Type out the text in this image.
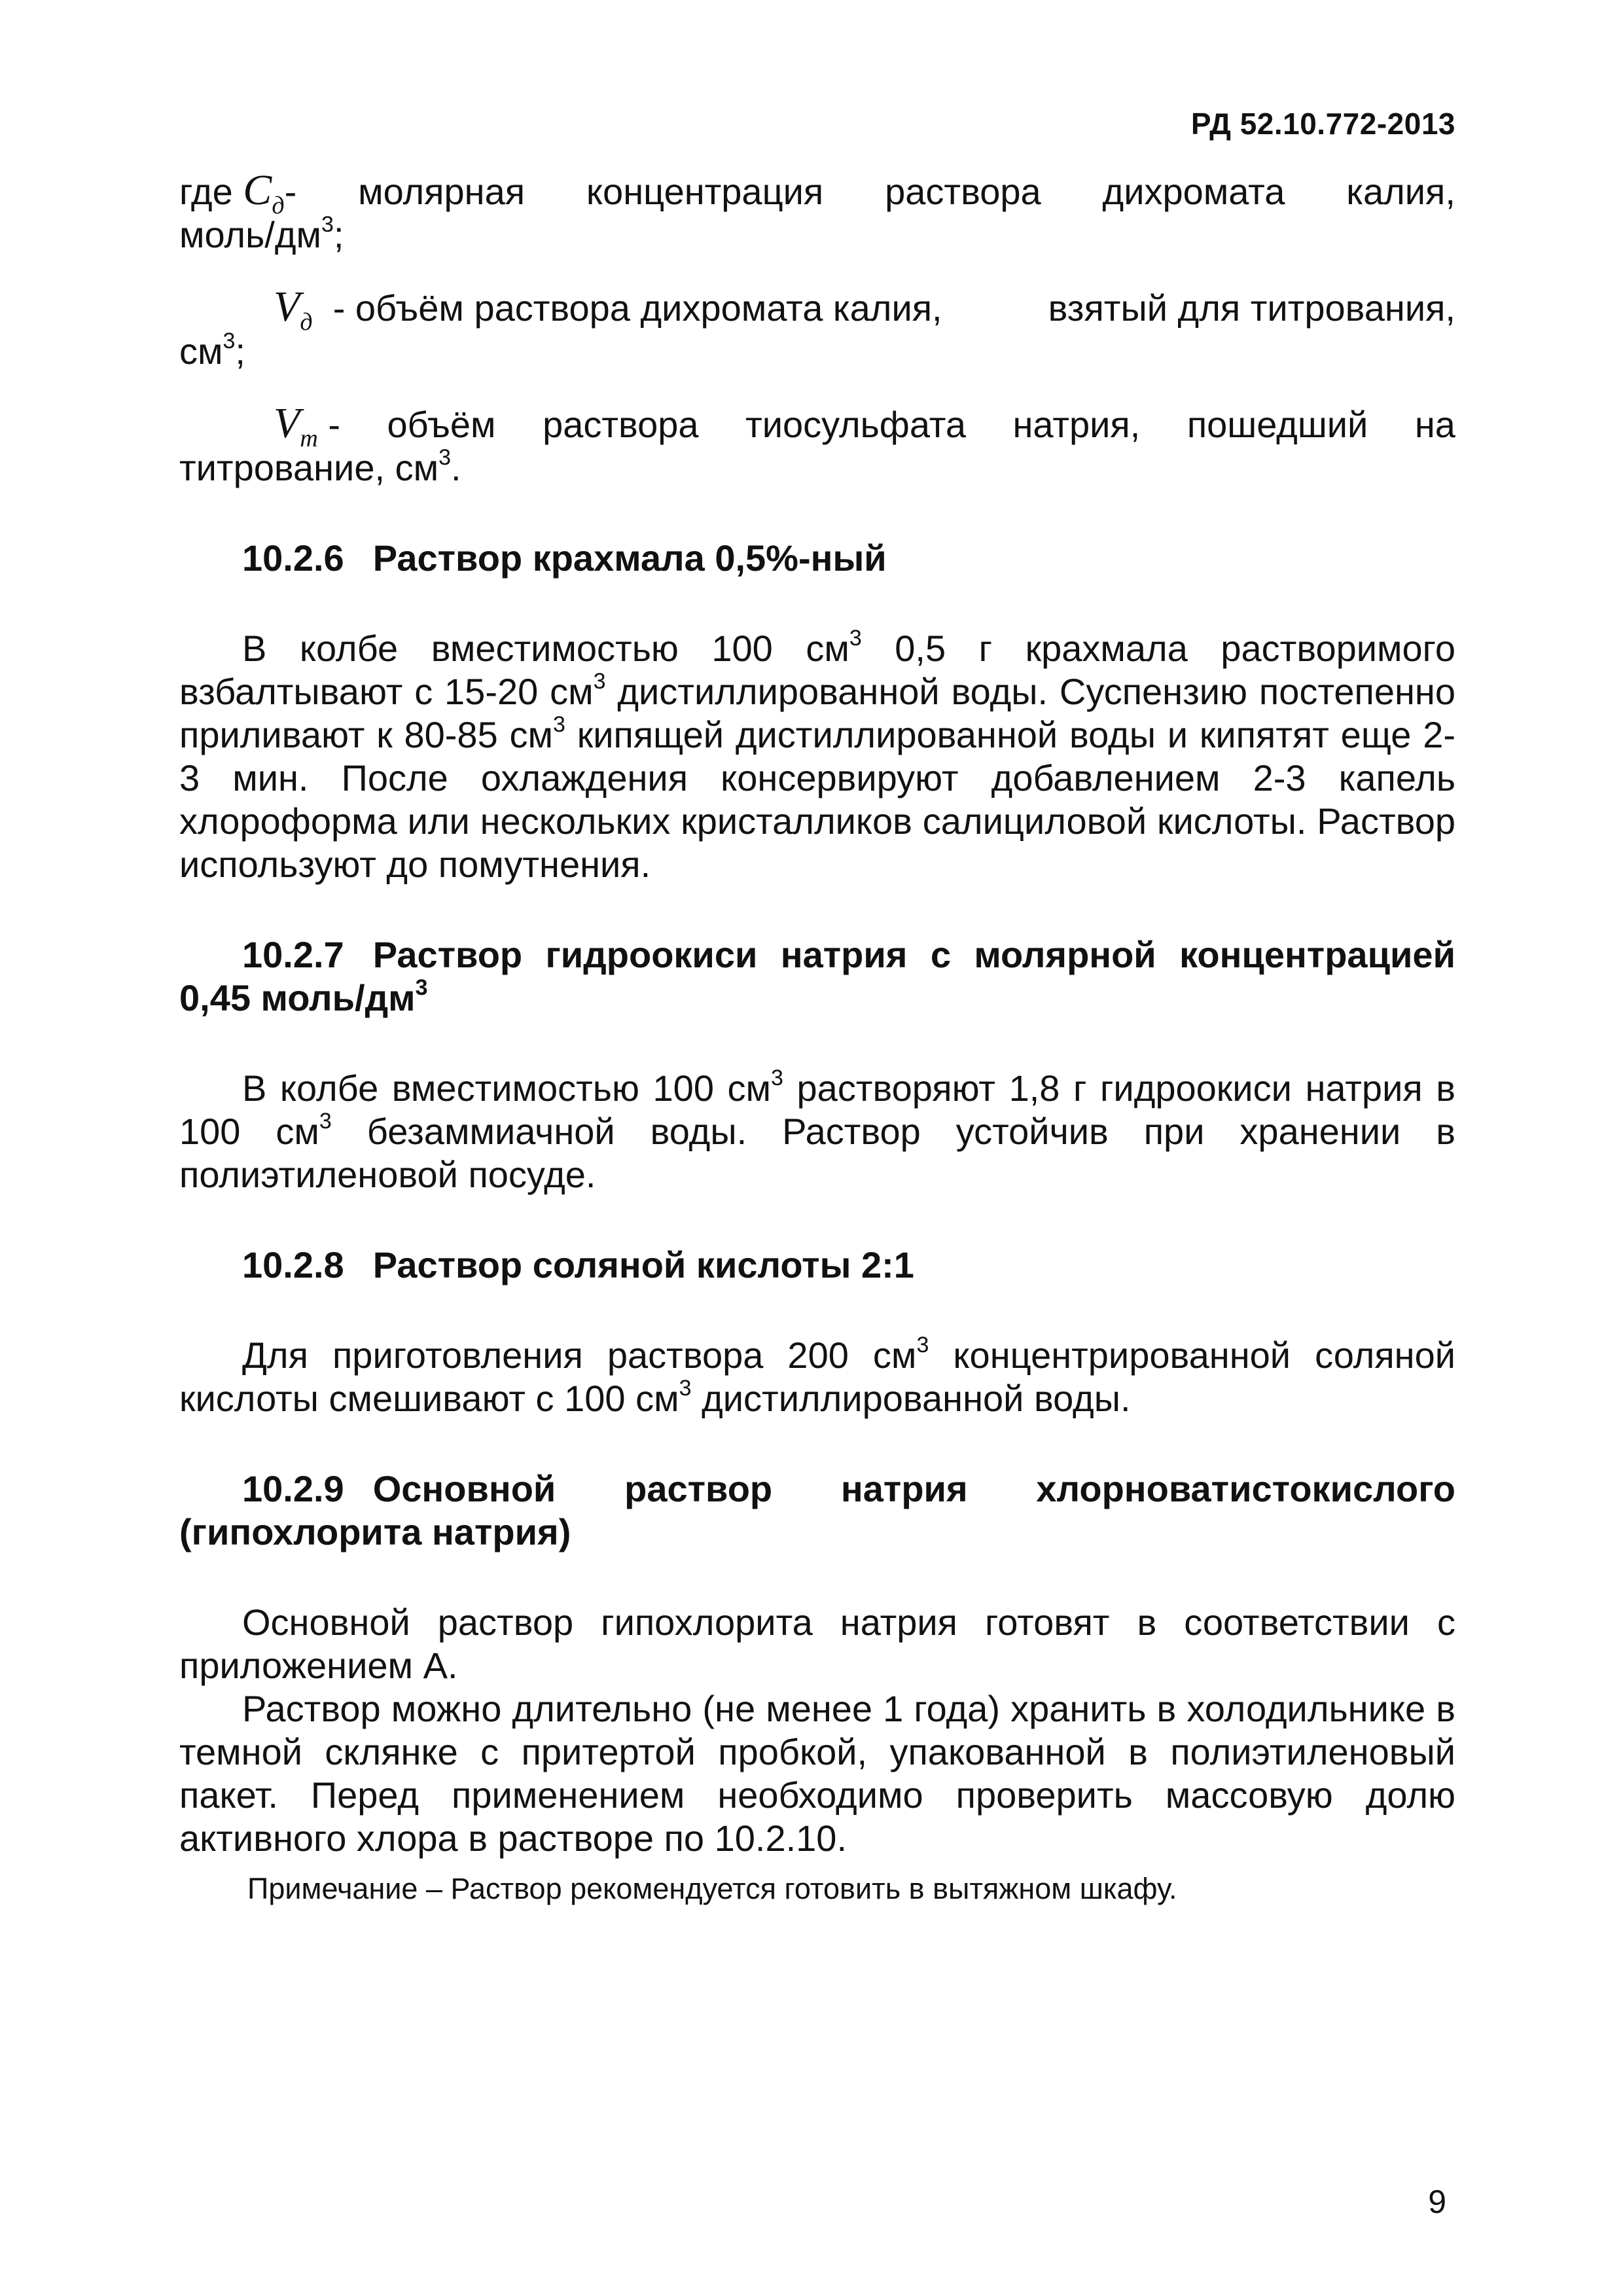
РД 52.10.772-2013
где $C_д-$ молярная концентрация раствора дихромата калия,

моль/$дм^3$;

$V_д$ - объём раствора дихромата калия,	взятый для титрования,

$см^3$;

$V_т$ - объём раствора тиосульфата натрия, пошедший на

титрование, $см^3$.

10.2.6 Раствор крахмала 0,5%-ный

В колбе вместимостью 100 $см^3$ 0,5 г крахмала растворимого взбалтывают с 15-20 $см^3$ дистиллированной воды. Суспензию постепенно приливают к 80-85 $см^3$ кипящей дистиллированной воды и кипятят еще 2-3 мин. После охлаждения консервируют добавлением 2-3 капель хлороформа или нескольких кристалликов салициловой кислоты. Раствор используют до помутнения.

10.2.7 Раствор гидроокиси натрия с молярной концентрацией 0,45 моль/$дм^3$

В колбе вместимостью 100 $см^3$ растворяют 1,8 г гидроокиси натрия в 100 $см^3$ безаммиачной воды. Раствор устойчив при хранении в полиэтиленовой посуде.

10.2.8 Раствор соляной кислоты 2:1

Для приготовления раствора 200 $см^3$ концентрированной соляной кислоты смешивают с 100 $см^3$ дистиллированной воды.

10.2.9 Основной раствор натрия хлорноватистокислого (гипохлорита натрия)

Основной раствор гипохлорита натрия готовят в соответствии с приложением А.

Раствор можно длительно (не менее 1 года) хранить в холодильнике в темной склянке с притертой пробкой, упакованной в полиэтиленовый пакет. Перед применением необходимо проверить массовую долю активного хлора в растворе по 10.2.10.

Примечание – Раствор рекомендуется готовить в вытяжном шкафу.

9
